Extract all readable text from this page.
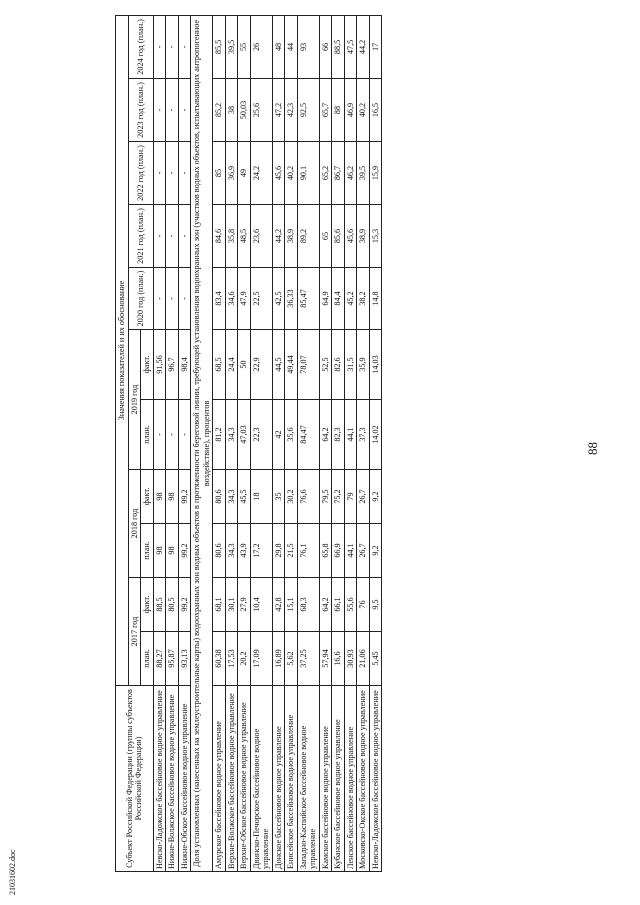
88
21031602.doc
Субъект Российской Федерации (группы субъектов Российской Федерации)	Значения показателей и их обоснование										
	2017 год		2018 год		2019 год		2020 год (план.)	2021 год (план.)	2022 год (план.)	2023 год (план.)	2024 год (план.)
	план.	факт.	план.	факт.	план.	факт.					
Невско-Ладожское бассейновое водное управление	88,27	88,5	98	98	-	91,56	-	-	-	-	-
Нижне-Волжское бассейновое водное управление	95,87	80,5	98	98	-	96,7	-	-	-	-	-
Нижне-Обское бассейновое водное управление	93,13	99,2	99,2	99,2	-	98,4	-	-	-	-	-
Доля установленных (нанесенных на землеустроительные карты) водоохранных зон водных объектов в протяженности береговой линии, требующей установления водоохранных зон (участков водных объектов, испытывающих антропогенное воздействие), процентов											
Амурское бассейновое водное управление	60,38	68,1	80,6	80,6	81,2	68,5	83,4	84,6	85	85,2	85,5
Верхне-Волжское бассейновое водное управление	17,53	30,1	34,3	34,3	34,3	24,4	34,6	35,8	36,9	38	39,5
Верхне-Обское бассейновое водное управление	20,2	27,9	43,9	45,5	47,03	50	47,9	48,5	49	50,03	55
Двинско-Печорское бассейновое водное управление	17,09	10,4	17,2	18	22,3	22,9	22,5	23,6	24,2	25,6	26
Донское бассейновое водное управление	16,89	42,8	29,8	35	42	44,5	42,5	44,2	45,6	47,2	48
Енисейское бассейновое водное управление	5,62	15,1	21,5	30,2	35,6	49,44	36,33	38,9	40,2	42,3	44
Западно-Каспийское бассейновое водное управление	37,25	68,3	76,1	76,6	84,47	78,07	85,47	89,2	90,1	92,5	93
Камское бассейновое водное управление	57,94	64,2	65,8	79,5	64,2	52,5	64,9	65	65,2	65,7	66
Кубанское бассейновое водное управление	16,6	66,1	66,9	75,2	82,3	82,6	84,4	85,6	86,7	88	88,5
Ленское бассейновое водное управление	30,93	55,6	44,1	79	44,1	31,5	45,2	45,6	46,2	46,9	47,5
Московско-Окское бассейновое водное управление	21,06	76	26,7	26,7	37,3	35,9	38,2	38,9	39,5	40,2	44,2
Невско-Ладожское бассейновое водное управление	5,45	9,5	9,2	9,2	14,02	14,03	14,8	15,3	15,9	16,5	17
